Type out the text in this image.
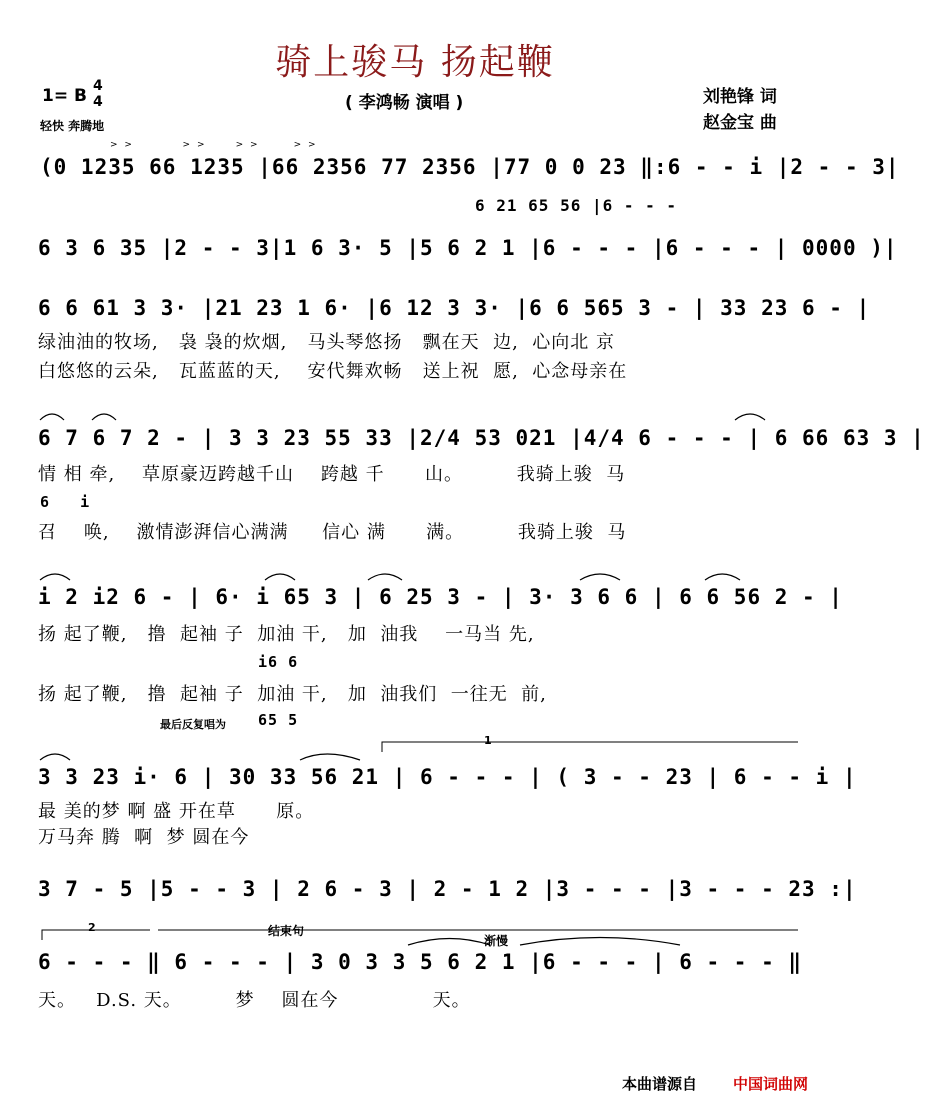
骑上骏马 扬起鞭
1= B 4
4
轻快 奔腾地
( 李鸿畅 演唱 )	刘艳锋 词
赵金宝 曲
> >          > >      > >       > >
(0 1235 66 1235 |66 2356 77 2356 |77 0 0 23 ‖:6 - - i |2 - - 3|
6 21 65 56 |6 - - -
6 3 6 35 |2 - - 3|1 6 3· 5 |5 6 2 1 |6 - - - |6 - - - | 0000 )|
6 6 61 3 3· |21 23 1 6· |6 12 3 3· |6 6 565 3 - | 33 23 6 - |
绿油油的牧场,   袅 袅的炊烟,   马头琴悠扬   飘在天  边,  心向北 京
白悠悠的云朵,   瓦蓝蓝的天,    安代舞欢畅   送上祝  愿,  心念母亲在
6 7 6 7 2 - | 3 3 23 55 33 |2/4 53 021 |4/4 6 - - - | 6 66 63 3 |
情 相 牵,    草原豪迈跨越千山    跨越 千      山。        我骑上骏  马
6   i
召    唤,    激情澎湃信心满满     信心 满      满。        我骑上骏  马
i 2 i2 6 - | 6· i 65 3 | 6 25 3 - | 3· 3 6 6 | 6 6 56 2 - |
扬 起了鞭,   撸  起袖 子  加油 干,   加  油我    一马当 先,
i6 6
扬 起了鞭,   撸  起袖 子  加油 干,   加  油我们  一往无  前,
最后反复唱为 65 5
1
3 3 23 i· 6 | 30 33 56 21 | 6 - - - | ( 3 - - 23 | 6 - - i |
最 美的梦 啊 盛 开在草      原。
万马奔 腾  啊  梦 圆在今
3 7 - 5 |5 - - 3 | 2 6 - 3 | 2 - 1 2 |3 - - - |3 - - - 23 :|
2	结束句
渐慢
6 - - - ‖ 6 - - - | 3 0 3 3 5 6 2 1 |6 - - - | 6 - - - ‖
天。   D.S. 天。        梦    圆在今              天。
本曲谱源自 中国词曲网
